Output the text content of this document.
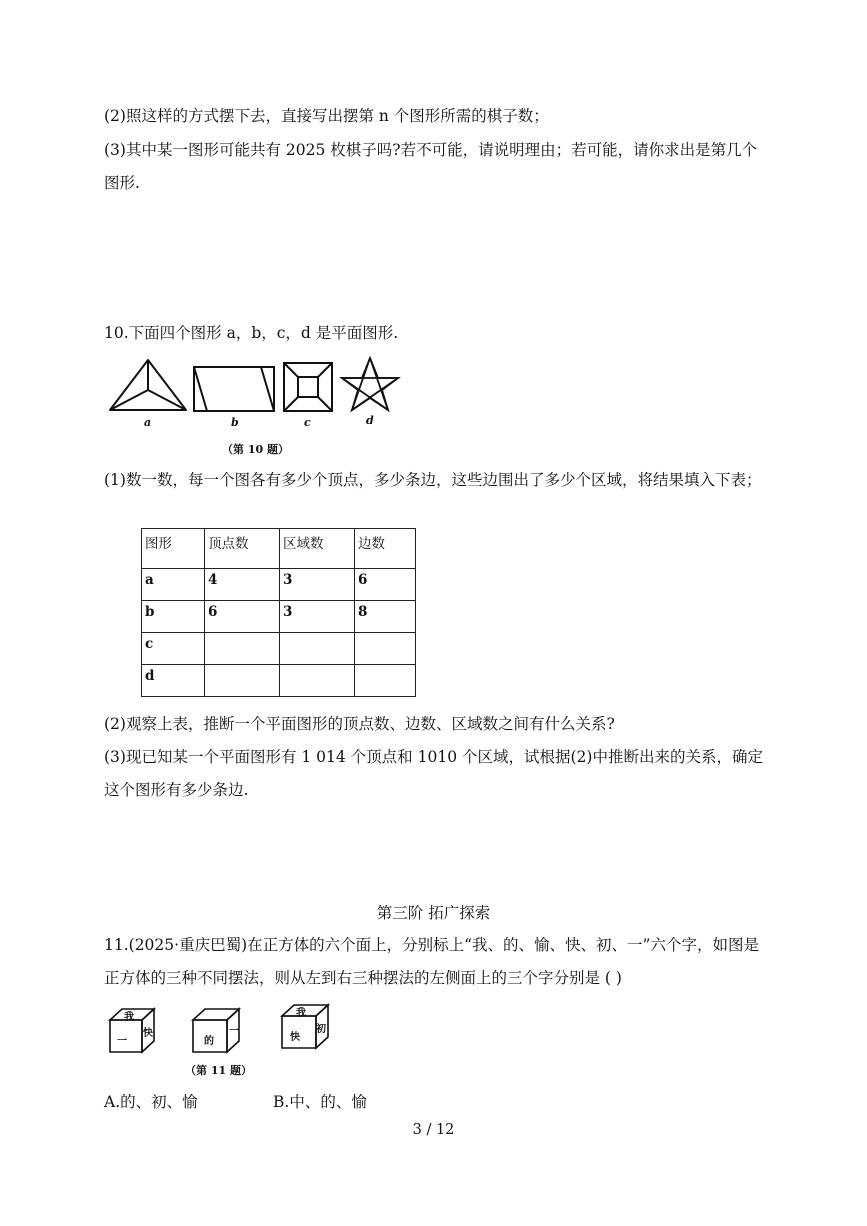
(2)照这样的方式摆下去，直接写出摆第 n 个图形所需的棋子数；
(3)其中某一图形可能共有 2025 枚棋子吗?若不可能，请说明理由；若可能，请你求出是第几个
图形.
10.下面四个图形 a，b，c，d 是平面图形.
a	b	c	d
（第 10 题）
(1)数一数，每一个图各有多少个顶点，多少条边，这些边围出了多少个区域，将结果填入下表；
图形	顶点数	区域数	边数
a	4	3	6
b	6	3	8
c			
d			
(2)观察上表，推断一个平面图形的顶点数、边数、区域数之间有什么关系?
(3)现已知某一个平面图形有 1 014 个顶点和 1010 个区域，试根据(2)中推断出来的关系，确定
这个图形有多少条边.
第三阶 拓广探索
11.(2025·重庆巴蜀)在正方体的六个面上，分别标上“我、的、愉、快、初、一”六个字，如图是
正方体的三种不同摆法，则从左到右三种摆法的左侧面上的三个字分别是 ( )
我
一
快
的
一
我
快
初
（第 11 题）
A.的、初、愉	B.中、的、愉
3 / 12
